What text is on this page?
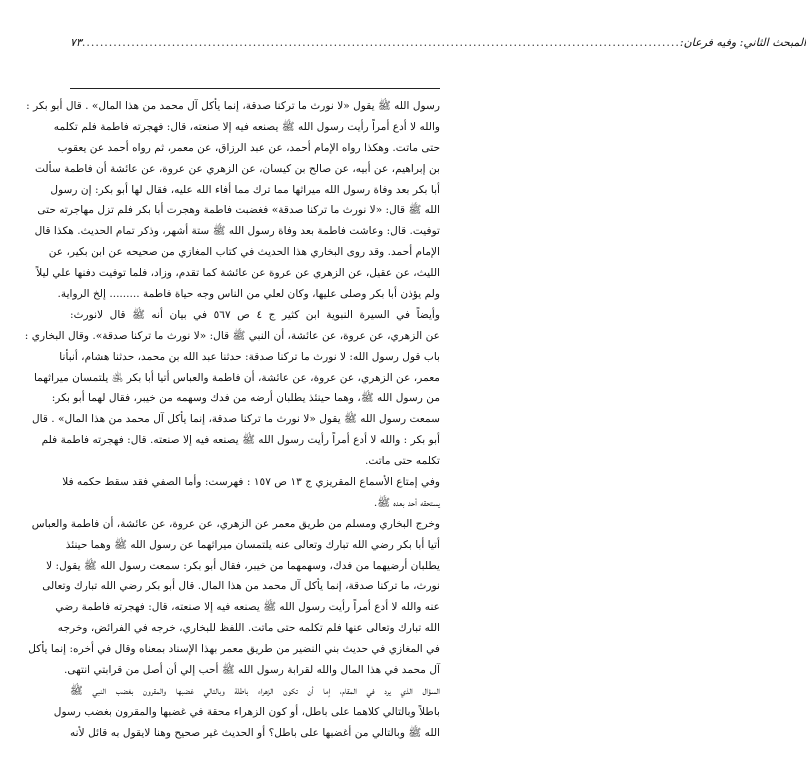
٧٣ ..................................................................................................................................... المبحث الثاني: وفيه فرعان:
رسول الله ﷺ يقول «لا نورث ما تركنا صدقة، إنما يأكل آل محمد من هذا المال» . قال أبو بكر :
والله لا أدع أمراً رأيت رسول الله ﷺ يصنعه فيه إلا صنعته، قال: فهجرته فاطمة فلم تكلمه
حتى ماتت. وهكذا رواه الإمام أحمد، عن عبد الرزاق، عن معمر، ثم رواه أحمد عن يعقوب
بن إبراهيم، عن أبيه، عن صالح بن كيسان، عن الزهري عن عروة، عن عائشة أن فاطمة سألت
أبا بكر بعد وفاة رسول الله ميراثها مما ترك مما أفاء الله عليه، فقال لها أبو بكر: إن رسول
الله ﷺ قال: «لا نورث ما تركنا صدقة» فغضبت فاطمة وهجرت أبا بكر فلم تزل مهاجرته حتى
توفيت. قال: وعاشت فاطمة بعد وفاة رسول الله ﷺ ستة أشهر، وذكر تمام الحديث. هكذا قال
الإمام أحمد. وقد روى البخاري هذا الحديث في كتاب المغازي من صحيحه عن ابن بكير، عن
الليث، عن عقيل، عن الزهري عن عروة عن عائشة كما تقدم، وزاد، فلما توفيت دفنها علي ليلاً
ولم يؤذن أبا بكر وصلى عليها، وكان لعلي من الناس وجه حياة فاطمة ......... إلخ الرواية.
وأيضاً في السيرة النبوية ابن كثير ج ٤ ص ٥٦٧ في بيان أنه ﷺ قال لانورث:
عن الزهري، عن عروة، عن عائشة، أن النبي ﷺ قال: «لا نورث ما تركنا صدقة». وقال البخاري :
باب قول رسول الله: لا نورث ما تركنا صدقة: حدثنا عبد الله بن محمد، حدثنا هشام، أنبأنا
معمر، عن الزهري، عن عروة، عن عائشة، أن فاطمة والعباس أتيا أبا بكر ﵁ يلتمسان ميراثهما
من رسول الله ﷺ، وهما حينئذ يطلبان أرضه من فدك وسهمه من خيبر، فقال لهما أبو بكر:
سمعت رسول الله ﷺ يقول «لا نورث ما تركنا صدقة، إنما يأكل آل محمد من هذا المال» . قال
أبو بكر : والله لا أدع أمراً رأيت رسول الله ﷺ يصنعه فيه إلا صنعته. قال: فهجرته فاطمة فلم
تكلمه حتى ماتت.
وفي إمتاع الأسماع المقريزي ج ١٣ ص ١٥٧ : فهرست: وأما الصفي فقد سقط حكمه فلا
يستحقه أحد بعده ﷺ.
وخرج البخاري ومسلم من طريق معمر عن الزهري، عن عروة، عن عائشة، أن فاطمة والعباس
أتيا أبا بكر رضي الله تبارك وتعالى عنه يلتمسان ميراثهما عن رسول الله ﷺ وهما حينئذ
يطلبان أرضيهما من فدك، وسهمهما من خيبر، فقال أبو بكر: سمعت رسول الله ﷺ يقول: لا
نورث، ما تركنا صدقة، إنما يأكل آل محمد من هذا المال. قال أبو بكر رضي الله تبارك وتعالى
عنه والله لا أدع أمراً رأيت رسول الله ﷺ يصنعه فيه إلا صنعته، قال: فهجرته فاطمة رضي
الله تبارك وتعالى عنها فلم تكلمه حتى ماتت. اللفظ للبخاري، خرجه في الفرائض، وخرجه
في المغازي في حديث بني النضير من طريق معمر بهذا الإسناد بمعناه وقال في أخره: إنما يأكل
آل محمد في هذا المال والله لقرابة رسول الله ﷺ أحب إلي أن أصل من قرابتي انتهى.
السؤال الذي يرد في المقام، إما أن تكون الزهراء باطلة وبالتالي غضبها والمقرون بغضب النبي ﷺ
باطلاً وبالتالي كلاهما على باطل، أو كون الزهراء محقة في غضبها والمقرون بغضب رسول
الله ﷺ وبالتالي من أغضبها على باطل؟ أو الحديث غير صحيح وهنا لايقول به قائل لأنه
